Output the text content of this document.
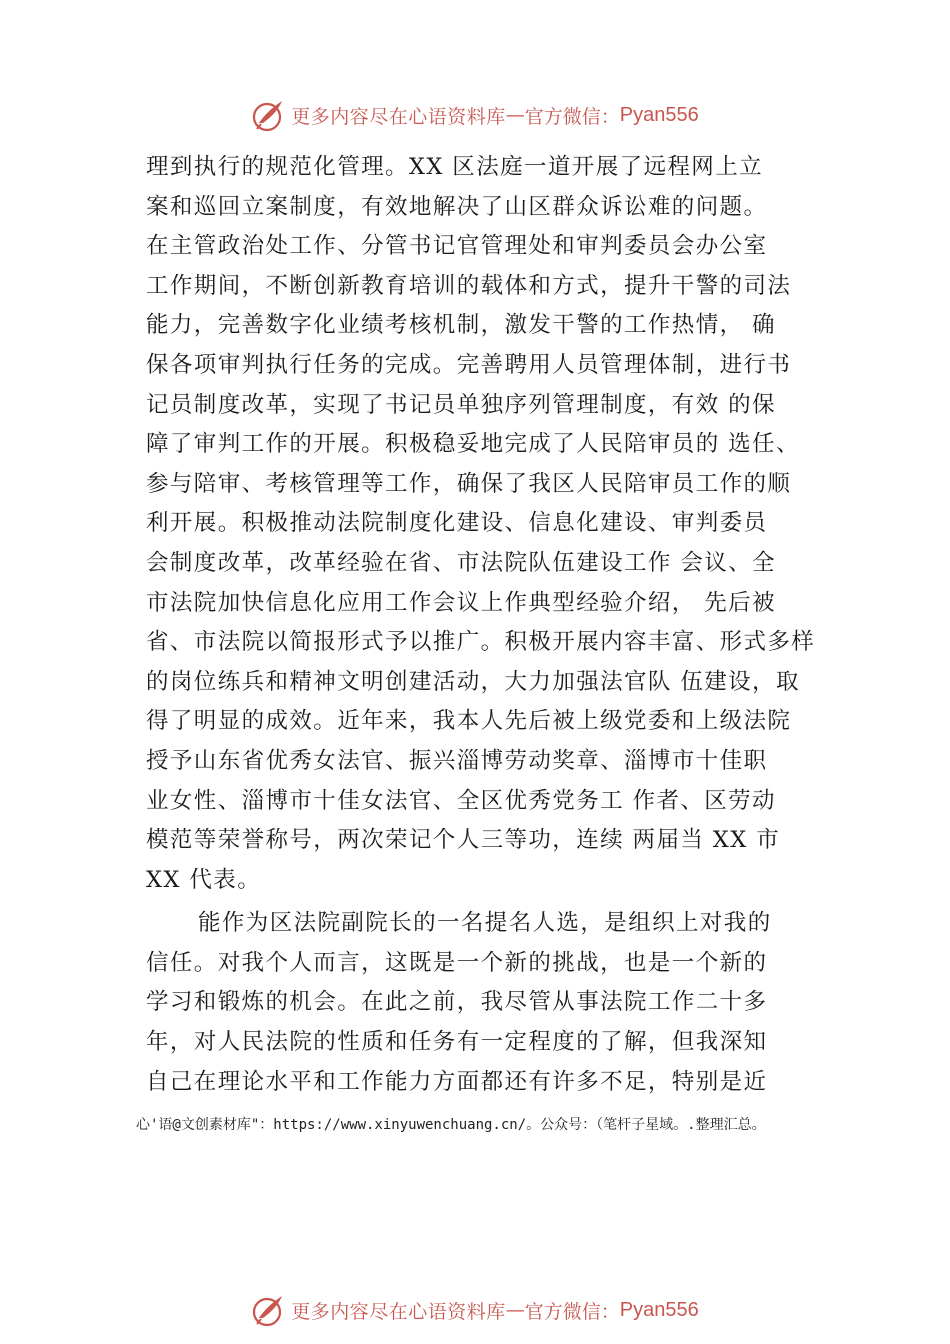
更多内容尽在心语资料库 — 官方微信： Pyan556
理到执行的规范化管理。XX 区法庭一道开展了远程网上立
案和巡回立案制度，有效地解决了山区群众诉讼难的问题。
在主管政治处工作、分管书记官管理处和审判委员会办公室
工作期间，不断创新教育培训的载体和方式，提升干警的司法
能力，完善数字化业绩考核机制，激发干警的工作热情， 确
保各项审判执行任务的完成。完善聘用人员管理体制，进行书
记员制度改革，实现了书记员单独序列管理制度，有效 的保
障了审判工作的开展。积极稳妥地完成了人民陪审员的 选任、
参与陪审、考核管理等工作，确保了我区人民陪审员工作的顺
利开展。积极推动法院制度化建设、信息化建设、审判委员
会制度改革，改革经验在省、市法院队伍建设工作 会议、全
市法院加快信息化应用工作会议上作典型经验介绍， 先后被
省、市法院以简报形式予以推广。积极开展内容丰富、形式多样
的岗位练兵和精神文明创建活动，大力加强法官队 伍建设，取
得了明显的成效。近年来，我本人先后被上级党委和上级法院
授予山东省优秀女法官、振兴淄博劳动奖章、淄博市十佳职
业女性、淄博市十佳女法官、全区优秀党务工 作者、区劳动
模范等荣誉称号，两次荣记个人三等功，连续 两届当 XX 市
XX 代表。
能作为区法院副院长的一名提名人选，是组织上对我的
信任。对我个人而言，这既是一个新的挑战，也是一个新的
学习和锻炼的机会。在此之前，我尽管从事法院工作二十多
年，对人民法院的性质和任务有一定程度的了解，但我深知
自己在理论水平和工作能力方面都还有许多不足，特别是近
心'语@文创素材库"：https://www.xinyuwenchuang.cn/。公众号：（笔杆子星域。.整理汇总。
更多内容尽在心语资料库 — 官方微信： Pyan556
